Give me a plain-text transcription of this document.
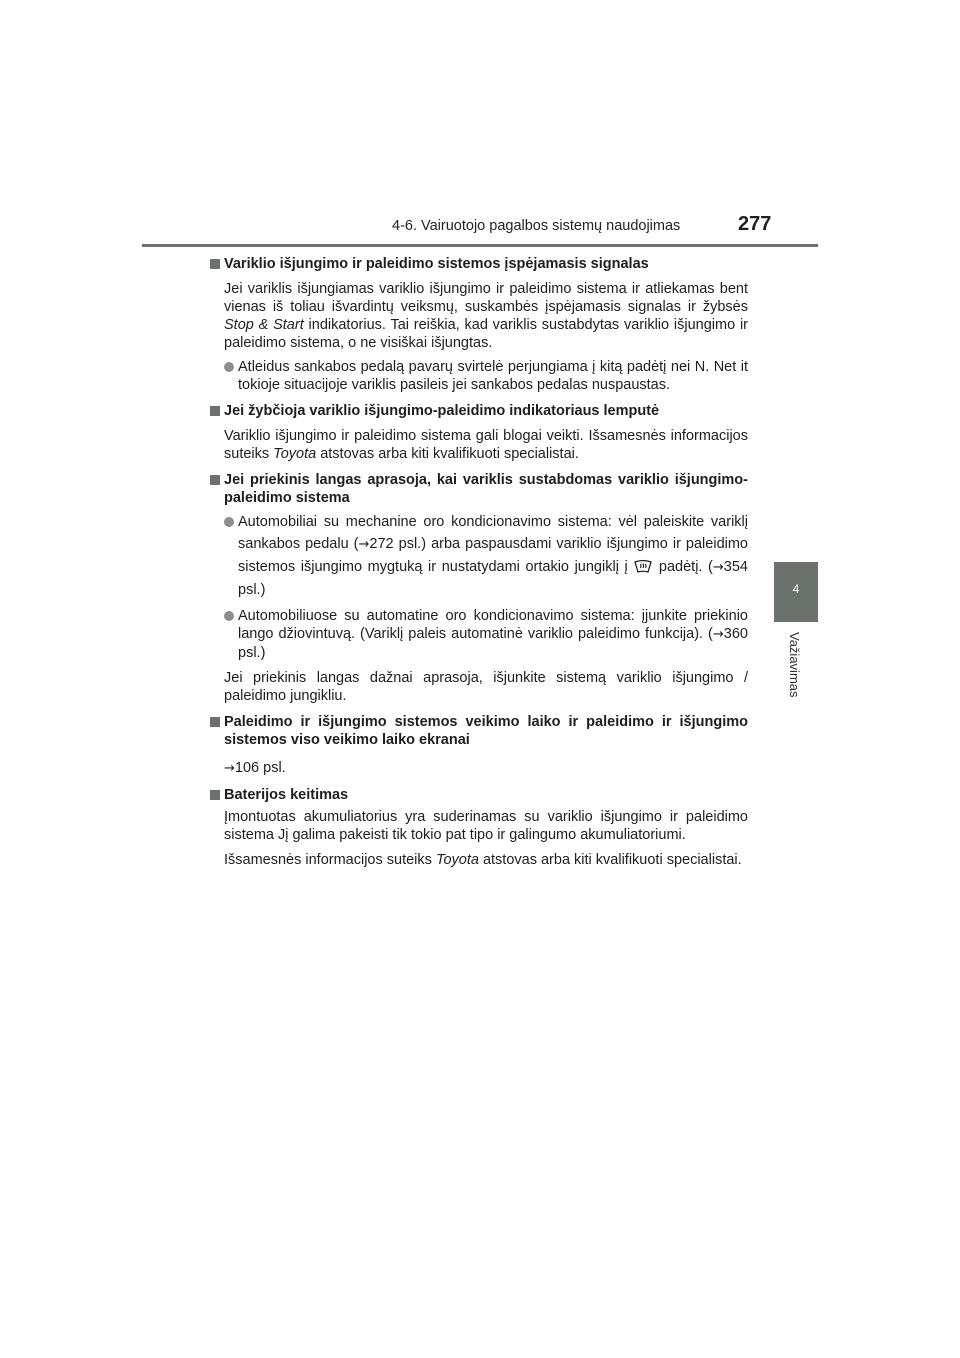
4-6. Vairuotojo pagalbos sistemų naudojimas	277
4
Važiavimas
Variklio išjungimo ir paleidimo sistemos įspėjamasis signalas

Jei variklis išjungiamas variklio išjungimo ir paleidimo sistema ir atliekamas bent vienas iš toliau išvardintų veiksmų, suskambės įspėjamasis signalas ir žybsės Stop & Start indikatorius. Tai reiškia, kad variklis sustabdytas variklio išjungimo ir paleidimo sistema, o ne visiškai išjungtas.

Atleidus sankabos pedalą pavarų svirtelė perjungiama į kitą padėtį nei N. Net it tokioje situacijoje variklis pasileis jei sankabos pedalas nuspaustas.

Jei žybčioja variklio išjungimo-paleidimo indikatoriaus lemputė

Variklio išjungimo ir paleidimo sistema gali blogai veikti. Išsamesnės informacijos suteiks Toyota atstovas arba kiti kvalifikuoti specialistai.

Jei priekinis langas aprasoja, kai variklis sustabdomas variklio išjungimo-paleidimo sistema

Automobiliai su mechanine oro kondicionavimo sistema: vėl paleiskite variklį sankabos pedalu (→272 psl.) arba paspausdami variklio išjungimo ir paleidimo sistemos išjungimo mygtuką ir nustatydami ortakio jungiklį į  padėtį. (→354 psl.)

Automobiliuose su automatine oro kondicionavimo sistema: įjunkite priekinio lango džiovintuvą. (Variklį paleis automatinė variklio paleidimo funkcija). (→360 psl.)

Jei priekinis langas dažnai aprasoja, išjunkite sistemą variklio išjungimo / paleidimo jungikliu.

Paleidimo ir išjungimo sistemos veikimo laiko ir paleidimo ir išjungimo sistemos viso veikimo laiko ekranai

→106 psl.

Baterijos keitimas

Įmontuotas akumuliatorius yra suderinamas su variklio išjungimo ir paleidimo sistema Jį galima pakeisti tik tokio pat tipo ir galingumo akumuliatoriumi.

Išsamesnės informacijos suteiks Toyota atstovas arba kiti kvalifikuoti specialistai.
